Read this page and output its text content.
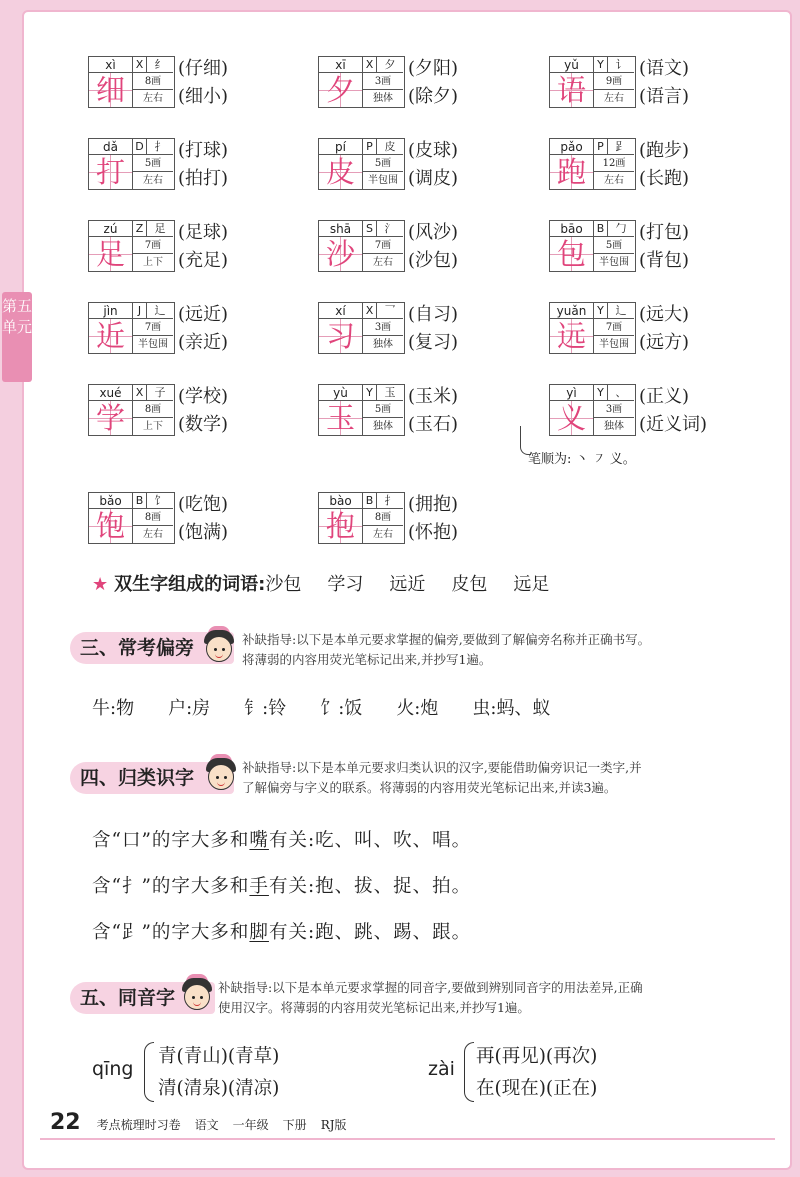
第五单元
xì	X	纟
细	8画
左右
(仔细)
(细小)
xī	X	夕
夕	3画
独体
(夕阳)
(除夕)
yǔ	Y	讠
语	9画
左右
(语文)
(语言)
dǎ	D 扌
打	5画
左右
(打球)
(拍打)
pí	P	皮
皮	5画
半包围
(皮球)
(调皮)
pǎo	P	𧾷
跑	12画
左右
(跑步)
(长跑)
zú	Z	足
足	7画
上下
(足球)
(充足)
shā	S	氵
沙	7画
左右
(风沙)
(沙包)
bāo	B	勹
包	5画
半包围
(打包)
(背包)
jìn	J	辶
近	7画
半包围
(远近)
(亲近)
xí	X	乛
习	3画
独体
(自习)
(复习)
yuǎn Y	辶
远	7画
半包围
(远大)
(远方)
xué	X	子
学	8画
上下
(学校)
(数学)
yù	Y	玉
玉	5画
独体
(玉米)
(玉石)
yì	Y	、
义	3画
独体
(正义)
(近义词)
bǎo	B	饣
饱	8画
左右
(吃饱)
(饱满)
bào	B	扌
抱	8画
左右
(拥抱)
(怀抱)
笔顺为: 丶 ㇇ 义。
★ 双生字组成的词语:沙包 学习 远近 皮包 远足
三、常考偏旁	补缺指导:以下是本单元要求掌握的偏旁,要做到了解偏旁名称并正确书写。
将薄弱的内容用荧光笔标记出来,并抄写1遍。
牛:物 户:房 钅:铃 饣:饭 火:炮 虫:蚂、蚁
四、归类识字	补缺指导:以下是本单元要求归类认识的汉字,要能借助偏旁识记一类字,并
了解偏旁与字义的联系。将薄弱的内容用荧光笔标记出来,并读3遍。
含“口”的字大多和嘴有关:吃、叫、吹、唱。
含“扌”的字大多和手有关:抱、拔、捉、拍。
含“𧾷”的字大多和脚有关:跑、跳、踢、跟。
五、同音字	补缺指导:以下是本单元要求掌握的同音字,要做到辨别同音字的用法差异,正确
使用汉字。将薄弱的内容用荧光笔标记出来,并抄写1遍。
qīng
青(青山)(青草)
清(清泉)(清凉)
zài
再(再见)(再次)
在(现在)(正在)
22 考点梳理时习卷 语文 一年级 下册 RJ版
